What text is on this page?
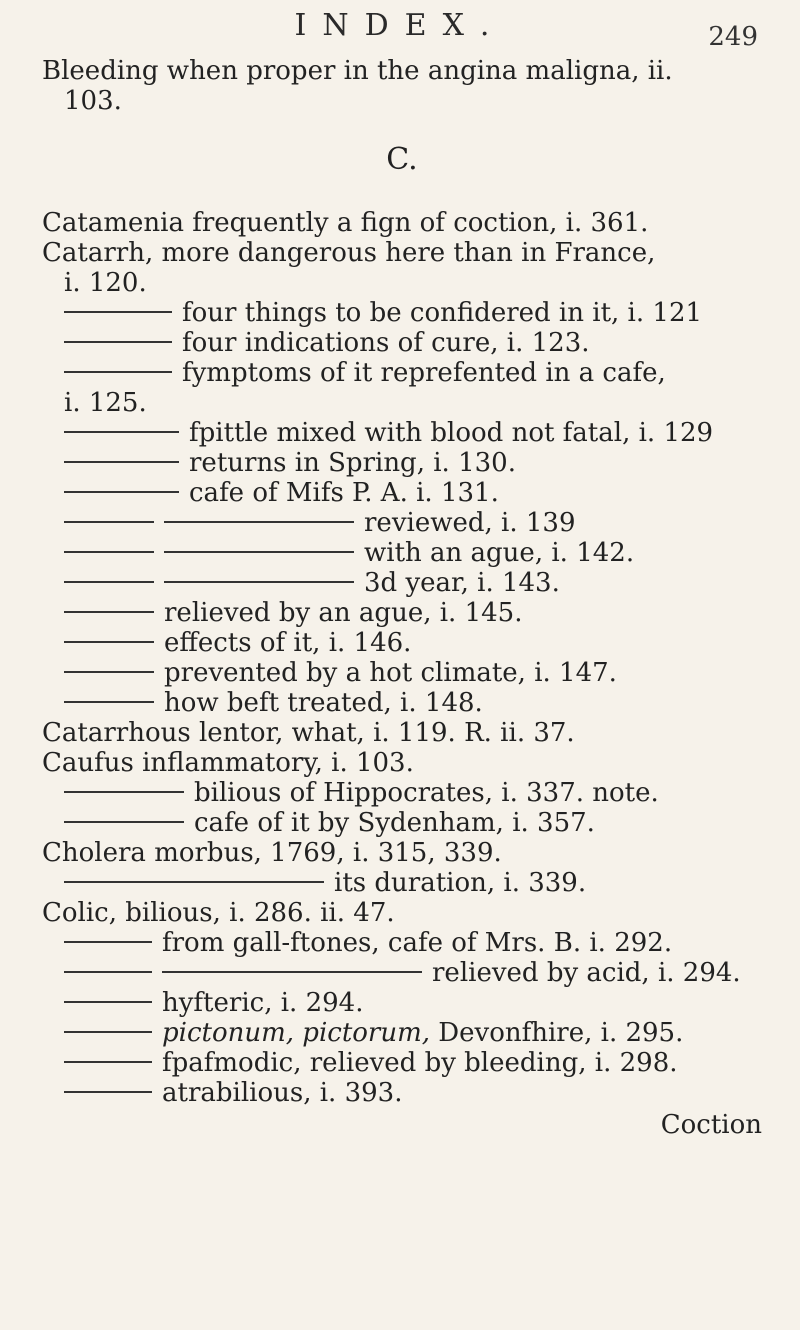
INDEX.	249
Bleeding when proper in the angina maligna, ii.
103.
C.
Catamenia frequently a fign of coction, i. 361.
Catarrh, more dangerous here than in France,
i. 120.
four things to be confidered in it, i. 121
four indications of cure, i. 123.
fymptoms of it reprefented in a cafe,
i. 125.
fpittle mixed with blood not fatal, i. 129
returns in Spring, i. 130.
cafe of Mifs P. A. i. 131.
reviewed, i. 139
with an ague, i. 142.
3d year, i. 143.
relieved by an ague, i. 145.
effects of it, i. 146.
prevented by a hot climate, i. 147.
how beft treated, i. 148.
Catarrhous lentor, what, i. 119. R. ii. 37.
Caufus inflammatory, i. 103.
bilious of Hippocrates, i. 337. note.
cafe of it by Sydenham, i. 357.
Cholera morbus, 1769, i. 315, 339.
its duration, i. 339.
Colic, bilious, i. 286. ii. 47.
from gall-ftones, cafe of Mrs. B. i. 292.
relieved by acid, i. 294.
hyfteric, i. 294.
pictonum, pictorum, Devonfhire, i. 295.
fpafmodic, relieved by bleeding, i. 298.
atrabilious, i. 393.
Coction
